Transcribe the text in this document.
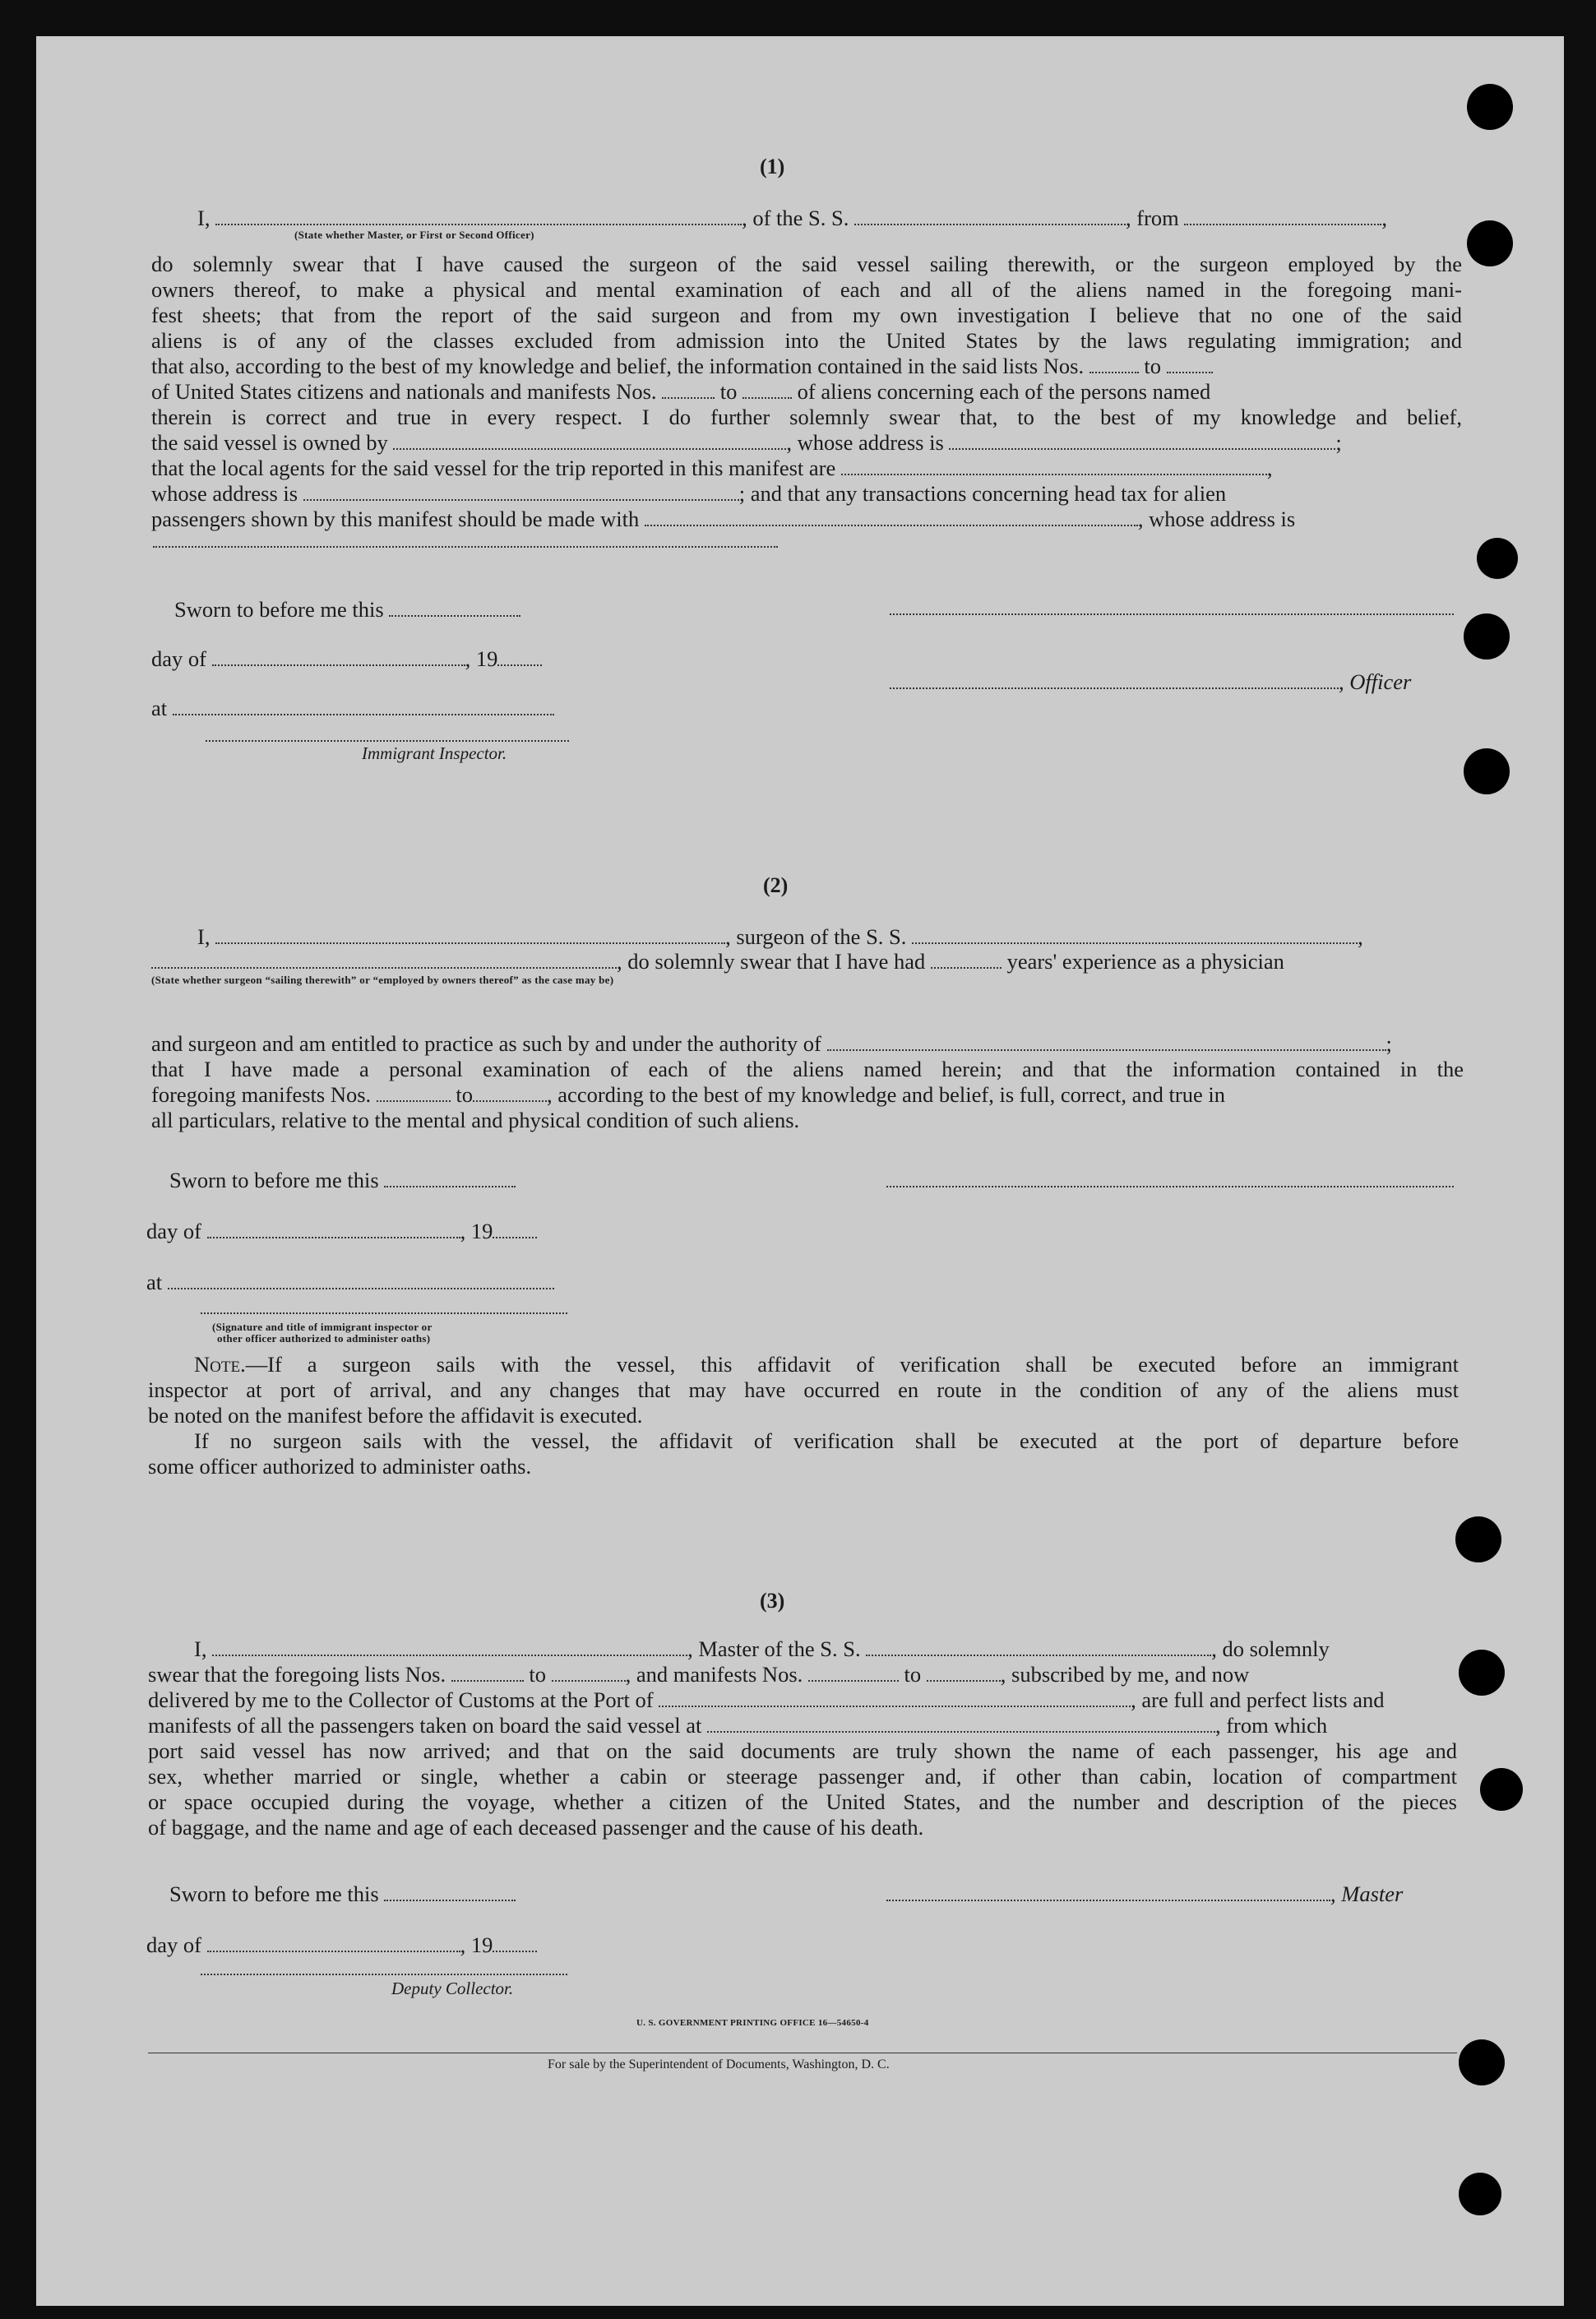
(1)
I,	, of the S. S.	, from	,
(State whether Master, or First or Second Officer)
do solemnly swear that I have caused the surgeon of the said vessel sailing therewith, or the surgeon employed by the
owners thereof, to make a physical and mental examination of each and all of the aliens named in the foregoing mani-
fest sheets; that from the report of the said surgeon and from my own investigation I believe that no one of the said
aliens is of any of the classes excluded from admission into the United States by the laws regulating immigration; and
that also, according to the best of my knowledge and belief, the information contained in the said lists Nos.	to
of United States citizens and nationals and manifests Nos.	to	of aliens concerning each of the persons named
therein is correct and true in every respect. I do further solemnly swear that, to the best of my knowledge and belief,
the said vessel is owned by	, whose address is	;
that the local agents for the said vessel for the trip reported in this manifest are	,
whose address is	; and that any transactions concerning head tax for alien
passengers shown by this manifest should be made with	, whose address is
Sworn to before me this
day of	, 19
, Officer
at
Immigrant Inspector.
(2)
I,	, surgeon of the S. S.	,
, do solemnly swear that I have had	years' experience as a physician
(State whether surgeon “sailing therewith” or “employed by owners thereof” as the case may be)
and surgeon and am entitled to practice as such by and under the authority of	;
that I have made a personal examination of each of the aliens named herein; and that the information contained in the
foregoing manifests Nos.	to	, according to the best of my knowledge and belief, is full, correct, and true in
all particulars, relative to the mental and physical condition of such aliens.
Sworn to before me this
day of	, 19
at
(Signature and title of immigrant inspector or
other officer authorized to administer oaths)
Note.—If a surgeon sails with the vessel, this affidavit of verification shall be executed before an immigrant
inspector at port of arrival, and any changes that may have occurred en route in the condition of any of the aliens must
be noted on the manifest before the affidavit is executed.
If no surgeon sails with the vessel, the affidavit of verification shall be executed at the port of departure before
some officer authorized to administer oaths.
(3)
I,	, Master of the S. S.	, do solemnly
swear that the foregoing lists Nos.	to	, and manifests Nos.	to	, subscribed by me, and now
delivered by me to the Collector of Customs at the Port of	, are full and perfect lists and
manifests of all the passengers taken on board the said vessel at	, from which
port said vessel has now arrived; and that on the said documents are truly shown the name of each passenger, his age and
sex, whether married or single, whether a cabin or steerage passenger and, if other than cabin, location of compartment
or space occupied during the voyage, whether a citizen of the United States, and the number and description of the pieces
of baggage, and the name and age of each deceased passenger and the cause of his death.
Sworn to before me this	, Master
day of	, 19
Deputy Collector.
U. S. GOVERNMENT PRINTING OFFICE 16—54650-4
For sale by the Superintendent of Documents, Washington, D. C.
